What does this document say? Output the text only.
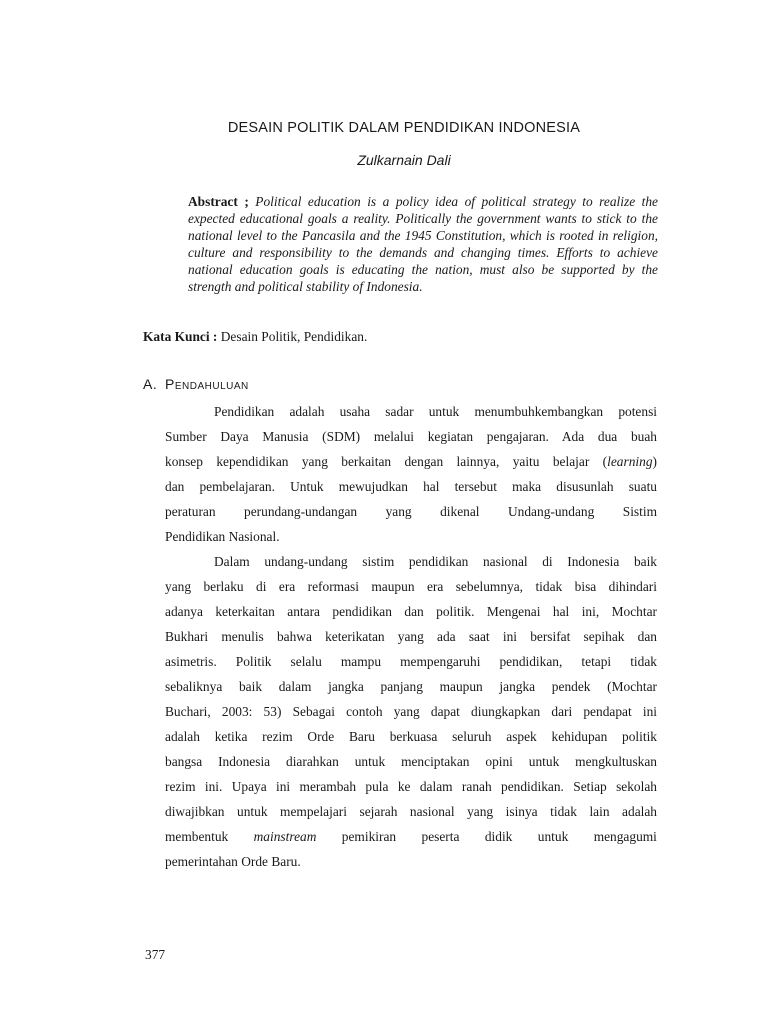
DESAIN POLITIK DALAM PENDIDIKAN INDONESIA
Zulkarnain Dali
Abstract ; Political education is a policy idea of political strategy to realize the expected educational goals a reality. Politically the government wants to stick to the national level to the Pancasila and the 1945 Constitution, which is rooted in religion, culture and responsibility to the demands and changing times. Efforts to achieve national education goals is educating the nation, must also be supported by the strength and political stability of Indonesia.
Kata Kunci : Desain Politik, Pendidikan.
A. Pendahuluan
Pendidikan adalah usaha sadar untuk menumbuhkembangkan potensi
Sumber Daya Manusia (SDM) melalui kegiatan pengajaran. Ada dua buah
konsep kependidikan yang berkaitan dengan lainnya, yaitu belajar (learning)
dan pembelajaran. Untuk mewujudkan hal tersebut maka disusunlah suatu
peraturan perundang-undangan yang dikenal Undang-undang Sistim
Pendidikan Nasional.
Dalam undang-undang sistim pendidikan nasional di Indonesia baik
yang berlaku di era reformasi maupun era sebelumnya, tidak bisa dihindari
adanya keterkaitan antara pendidikan dan politik. Mengenai hal ini, Mochtar
Bukhari menulis bahwa keterikatan yang ada saat ini bersifat sepihak dan
asimetris. Politik selalu mampu mempengaruhi pendidikan, tetapi tidak
sebaliknya baik dalam jangka panjang maupun jangka pendek (Mochtar
Buchari, 2003: 53) Sebagai contoh yang dapat diungkapkan dari pendapat ini
adalah ketika rezim Orde Baru berkuasa seluruh aspek kehidupan politik
bangsa Indonesia diarahkan untuk menciptakan opini untuk mengkultuskan
rezim ini. Upaya ini merambah pula ke dalam ranah pendidikan. Setiap sekolah
diwajibkan untuk mempelajari sejarah nasional yang isinya tidak lain adalah
membentuk mainstream pemikiran peserta didik untuk mengagumi
pemerintahan Orde Baru.
377
